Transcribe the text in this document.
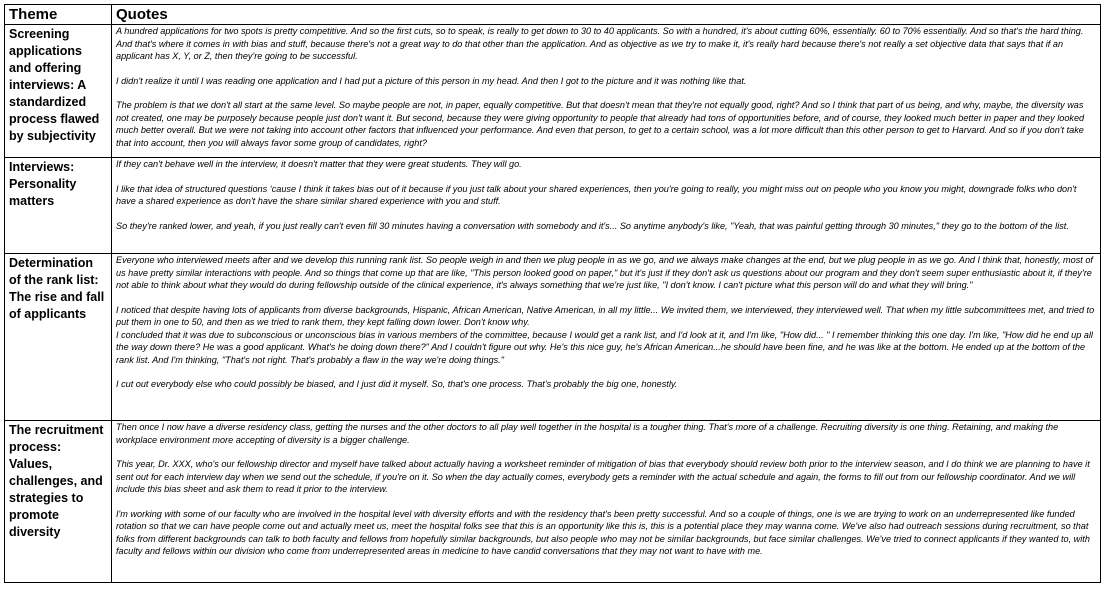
Theme	Quotes
Screening applications and offering interviews: A standardized process flawed by subjectivity	A hundred applications for two spots is pretty competitive. And so the first cuts, so to speak, is really to get down to 30 to 40 applicants. So with a hundred, it's about cutting 60%, essentially. 60 to 70% essentially. And so that's the hard thing. And that's where it comes in with bias and stuff, because there's not a great way to do that other than the application. And as objective as we try to make it, it's really hard because there's not really a set objective data that says that if an applicant has X, Y, or Z, then they're going to be successful.

I didn't realize it until I was reading one application and I had put a picture of this person in my head. And then I got to the picture and it was nothing like that.

The problem is that we don't all start at the same level. So maybe people are not, in paper, equally competitive. But that doesn't mean that they're not equally good, right? And so I think that part of us being, and why, maybe, the diversity was not created, one may be purposely because people just don't want it. But second, because they were giving opportunity to people that already had tons of opportunities before, and of course, they looked much better in paper and they looked much better overall. But we were not taking into account other factors that influenced your performance. And even that person, to get to a certain school, was a lot more difficult than this other person to get to Harvard. And so if you don't take that into account, then you will always favor some group of candidates, right?

Interviews: Personality matters	If they can't behave well in the interview, it doesn't matter that they were great students. They will go.

I like that idea of structured questions ‘cause I think it takes bias out of it because if you just talk about your shared experiences, then you're going to really, you might miss out on people who you know you might, downgrade folks who don't have a shared experience as don't have the share similar shared experience with you and stuff.

So they're ranked lower, and yeah, if you just really can't even fill 30 minutes having a conversation with somebody and it's... So anytime anybody's like, "Yeah, that was painful getting through 30 minutes," they go to the bottom of the list.

Determination of the rank list: The rise and fall of applicants	Everyone who interviewed meets after and we develop this running rank list. So people weigh in and then we plug people in as we go, and we always make changes at the end, but we plug people in as we go. And I think that, honestly, most of us have pretty similar interactions with people. And so things that come up that are like, "This person looked good on paper," but it's just if they don't ask us questions about our program and they don't seem super enthusiastic about it, if they're not able to think about what they would do during fellowship outside of the clinical experience, it's always something that we're just like, "I don't know. I can't picture what this person will do and what they will bring."

I noticed that despite having lots of applicants from diverse backgrounds, Hispanic, African American, Native American, in all my little... We invited them, we interviewed, they interviewed well. That when my little subcommittees met, and tried to put them in one to 50, and then as we tried to rank them, they kept falling down lower. Don't know why.
I concluded that it was due to subconscious or unconscious bias in various members of the committee, because I would get a rank list, and I'd look at it, and I'm like, "How did... " I remember thinking this one day. I'm like, "How did he end up all the way down there? He was a good applicant. What's he doing down there?" And I couldn't figure out why. He's this nice guy, he's African American...he should have been fine, and he was like at the bottom. He ended up at the bottom of the rank list. And I'm thinking, "That's not right. That's probably a flaw in the way we're doing things."

I cut out everybody else who could possibly be biased, and I just did it myself. So, that's one process. That's probably the big one, honestly.

The recruitment process: Values, challenges, and strategies to promote diversity	Then once I now have a diverse residency class, getting the nurses and the other doctors to all play well together in the hospital is a tougher thing. That's more of a challenge. Recruiting diversity is one thing. Retaining, and making the workplace environment more accepting of diversity is a bigger challenge.

This year, Dr. XXX, who's our fellowship director and myself have talked about actually having a worksheet reminder of mitigation of bias that everybody should review both prior to the interview season, and I do think we are planning to have it sent out for each interview day when we send out the schedule, if you're on it. So when the day actually comes, everybody gets a reminder with the actual schedule and again, the forms to fill out from our fellowship coordinator. And we will include this bias sheet and ask them to read it prior to the interview.

I'm working with some of our faculty who are involved in the hospital level with diversity efforts and with the residency that's been pretty successful. And so a couple of things, one is we are trying to work on an underrepresented like funded rotation so that we can have people come out and actually meet us, meet the hospital folks see that this is an opportunity like this is, this is a potential place they may wanna come. We've also had outreach sessions during recruitment, so that folks from different backgrounds can talk to both faculty and fellows from hopefully similar backgrounds, but also people who may not be similar backgrounds, but face similar challenges. We've tried to connect applicants if they wanted to, with faculty and fellows within our division who come from underrepresented areas in medicine to have candid conversations that they may not want to have with me.
